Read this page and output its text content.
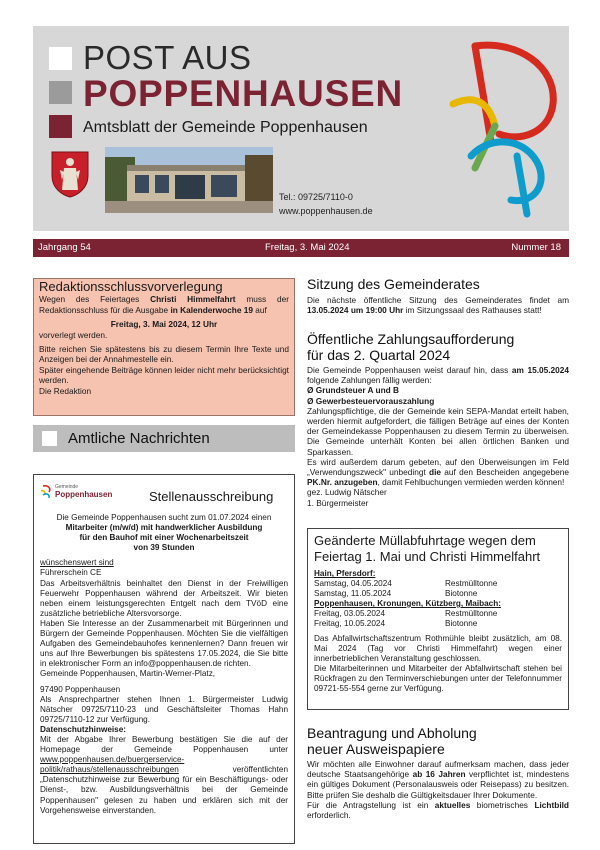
POST AUS
POPPENHAUSEN
Amtsblatt der Gemeinde Poppenhausen
Tel.: 09725/7110-0
www.poppenhausen.de
Jahrgang 54	Freitag, 3. Mai 2024	Nummer 18
Redaktionsschlussvorverlegung

Wegen des Feiertages Christi Himmelfahrt muss der Redaktionsschluss für die Ausgabe in Kalenderwoche 19 auf

Freitag, 3. Mai 2024, 12 Uhr

vorverlegt werden.

Bitte reichen Sie spätestens bis zu diesem Termin Ihre Texte und Anzeigen bei der Annahmestelle ein.

Später eingehende Beiträge können leider nicht mehr berücksichtigt werden.

Die Redaktion

Amtliche Nachrichten
Gemeinde
Poppenhausen	Stellenausschreibung

Die Gemeinde Poppenhausen sucht zum 01.07.2024 einen

Mitarbeiter (m/w/d) mit handwerklicher Ausbildung

für den Bauhof mit einer Wochenarbeitszeit

von 39 Stunden

wünschenswert sind

Führerschein CE

Das Arbeitsverhältnis beinhaltet den Dienst in der Freiwilligen Feuerwehr Poppenhausen während der Arbeitszeit. Wir bieten neben einem leistungsgerechten Entgelt nach dem TVöD eine zusätzliche betriebliche Altersvorsorge.

Haben Sie Interesse an der Zusammenarbeit mit Bürgerinnen und Bürgern der Gemeinde Poppenhausen. Möchten Sie die vielfältigen Aufgaben des Gemeindebauhofes kennenlernen? Dann freuen wir uns auf Ihre Bewerbungen bis spätestens 17.05.2024, die Sie bitte in elektronischer Form an info@poppenhausen.de richten.

Gemeinde Poppenhausen, Martin-Werner-Platz,

97490 Poppenhausen

Als Ansprechpartner stehen Ihnen 1. Bürgermeister Ludwig Nätscher 09725/7110-23 und Geschäftsleiter Thomas Hahn 09725/7110-12 zur Verfügung.

Datenschutzhinweise:

Mit der Abgabe Ihrer Bewerbung bestätigen Sie die auf der Homepage der Gemeinde Poppenhausen unter www.poppenhausen.de/buergerservice-politik/rathaus/stellenausschreibungen veröffentlichten „Datenschutzhinweise zur Bewerbung für ein Beschäftigungs- oder Dienst-, bzw. Ausbildungsverhältnis bei der Gemeinde Poppenhausen" gelesen zu haben und erklären sich mit der Vorgehensweise einverstanden.

Sitzung des Gemeinderates

Die nächste öffentliche Sitzung des Gemeinderates findet am 13.05.2024 um 19:00 Uhr im Sitzungssaal des Rathauses statt!

Öffentliche Zahlungsaufforderung
für das 2. Quartal 2024

Die Gemeinde Poppenhausen weist darauf hin, dass am 15.05.2024 folgende Zahlungen fällig werden:

Ø Grundsteuer A und B

Ø Gewerbesteuervorauszahlung

Zahlungspflichtige, die der Gemeinde kein SEPA-Mandat erteilt haben, werden hiermit aufgefordert, die fälligen Beträge auf eines der Konten der Gemeindekasse Poppenhausen zu diesem Termin zu überweisen. Die Gemeinde unterhält Konten bei allen örtlichen Banken und Sparkassen.

Es wird außerdem darum gebeten, auf den Überweisungen im Feld „Verwendungszweck" unbedingt die auf den Bescheiden angegebene PK.Nr. anzugeben, damit Fehlbuchungen vermieden werden können!

gez. Ludwig Nätscher

1. Bürgermeister

Geänderte Müllabfuhrtage wegen dem Feiertag 1. Mai und Christi Himmelfahrt
Hain, Pfersdorf:
Samstag, 04.05.2024	Restmülltonne
Samstag, 11.05.2024	Biotonne
Poppenhausen, Kronungen, Kützberg, Maibach:
Freitag, 03.05.2024	Restmülltonne
Freitag, 10.05.2024	Biotonne

Das Abfallwirtschaftszentrum Rothmühle bleibt zusätzlich, am 08. Mai 2024 (Tag vor Christi Himmelfahrt) wegen einer innerbetrieblichen Veranstaltung geschlossen.

Die Mitarbeiterinnen und Mitarbeiter der Abfallwirtschaft stehen bei Rückfragen zu den Terminverschiebungen unter der Telefonnummer 09721-55-554 gerne zur Verfügung.

Beantragung und Abholung
neuer Ausweispapiere

Wir möchten alle Einwohner darauf aufmerksam machen, dass jeder deutsche Staatsangehörige ab 16 Jahren verpflichtet ist, mindestens ein gültiges Dokument (Personalausweis oder Reisepass) zu besitzen. Bitte prüfen Sie deshalb die Gültigkeitsdauer Ihrer Dokumente.

Für die Antragstellung ist ein aktuelles biometrisches Lichtbild erforderlich.
